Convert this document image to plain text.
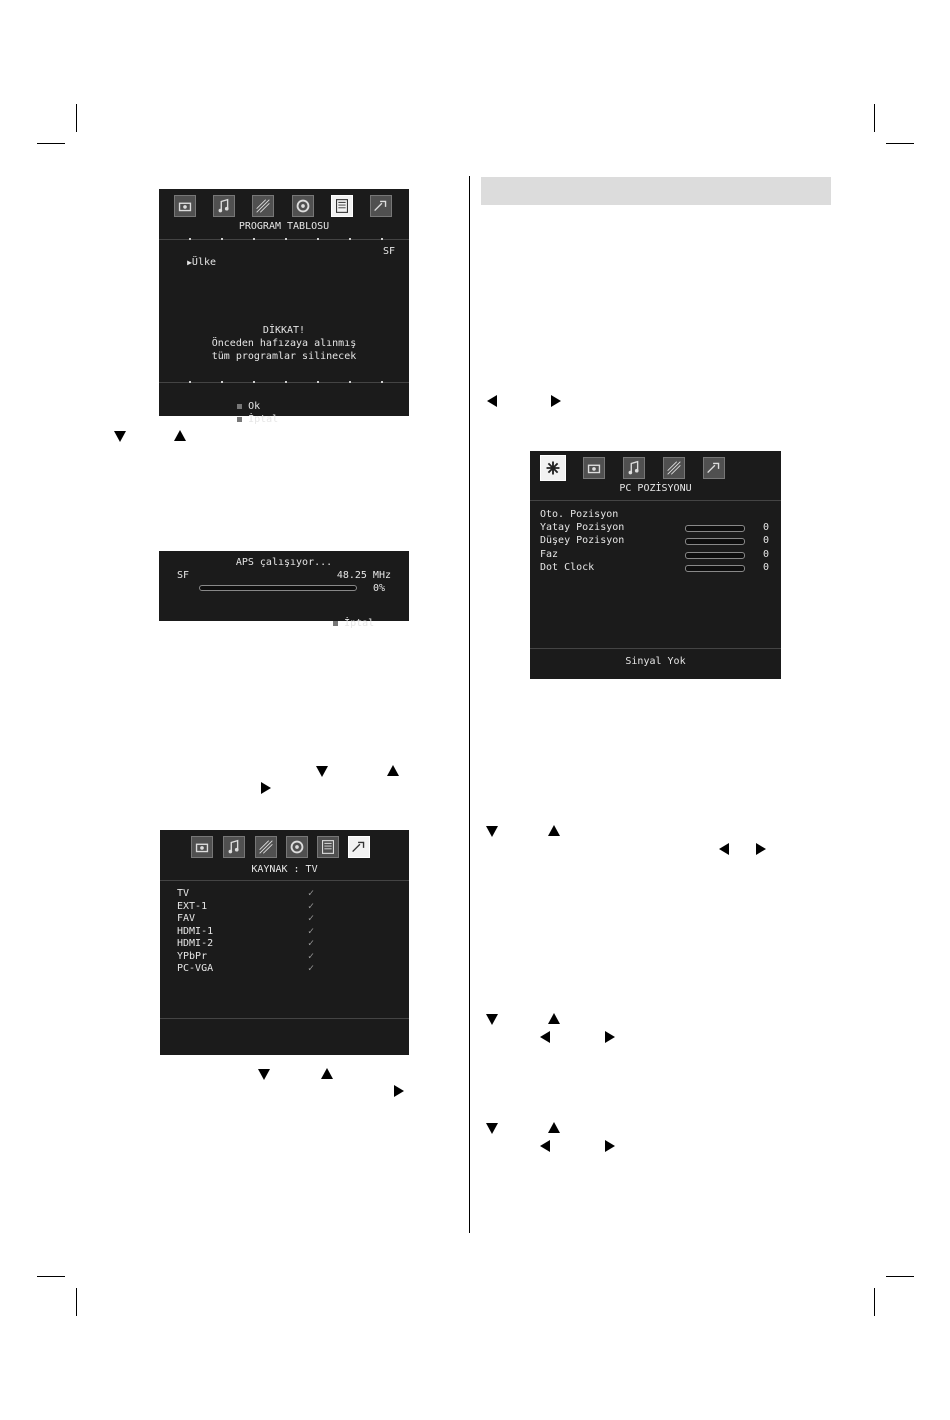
PROGRAM TABLOSU

▶Ülke

SF
DİKKAT!
Önceden hafızaya alınmış
tüm programlar silinecek

Ok

İptal

APS çalışıyor...
SF	48.25 MHz
0%

İptal

KAYNAK : TV
TV	✓
EXT-1	✓
FAV	✓
HDMI-1	✓
HDMI-2	✓
YPbPr	✓
PC-VGA	✓
PC POZİSYONU
Oto. Pozisyon
Yatay Pozisyon	0
Düşey Pozisyon	0
Faz	0
Dot Clock	0
Sinyal Yok
